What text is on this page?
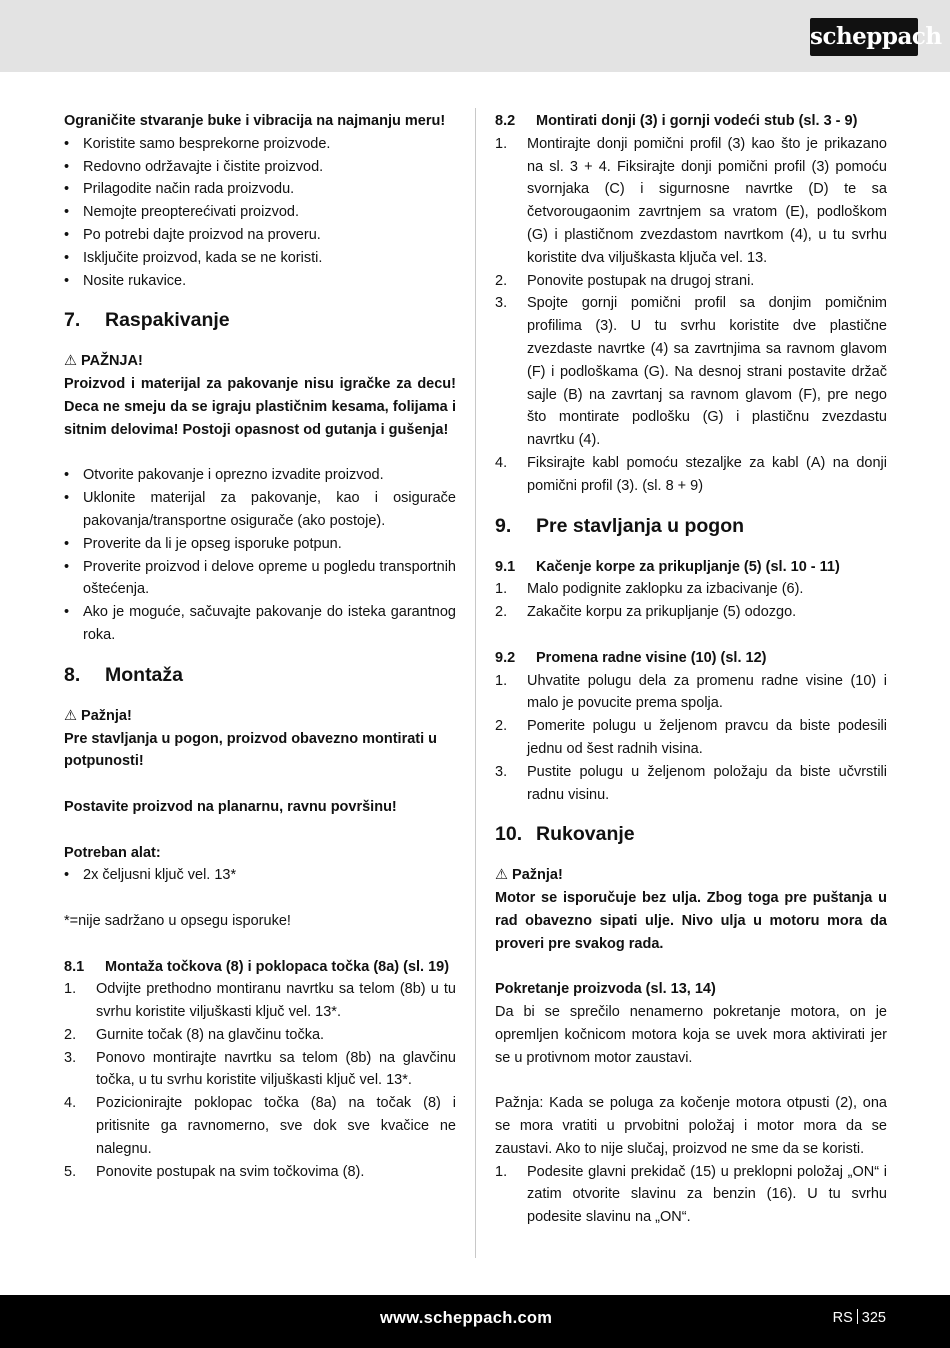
scheppach

Ograničite stvaranje buke i vibracija na najmanju meru!

• Koristite samo besprekorne proizvode.
• Redovno održavajte i čistite proizvod.
• Prilagodite način rada proizvodu.
• Nemojte preopterećivati proizvod.
• Po potrebi dajte proizvod na proveru.
• Isključite proizvod, kada se ne koristi.
• Nosite rukavice.

7. Raspakivanje

⚠ PAŽNJA!

Proizvod i materijal za pakovanje nisu igračke za decu! Deca ne smeju da se igraju plastičnim kesama, folijama i sitnim delovima! Postoji opasnost od gutanja i gušenja!

• Otvorite pakovanje i oprezno izvadite proizvod.
• Uklonite materijal za pakovanje, kao i osigurače pakovanja/transportne osigurače (ako postoje).
• Proverite da li je opseg isporuke potpun.
• Proverite proizvod i delove opreme u pogledu transportnih oštećenja.
• Ako je moguće, sačuvajte pakovanje do isteka garantnog roka.

8. Montaža

⚠ Pažnja!

Pre stavljanja u pogon, proizvod obavezno montirati u potpunosti!

Postavite proizvod na planarnu, ravnu površinu!

Potreban alat:

• 2x čeljusni ključ vel. 13*

*=nije sadržano u opsegu isporuke!

8.1	Montaža točkova (8) i poklopaca točka (8a) (sl. 19)
1. Odvijte prethodno montiranu navrtku sa telom (8b) u tu svrhu koristite viljuškasti ključ vel. 13*.
2. Gurnite točak (8) na glavčinu točka.
3. Ponovo montirajte navrtku sa telom (8b) na glavčinu točka, u tu svrhu koristite viljuškasti ključ vel. 13*.
4. Pozicionirajte poklopac točka (8a) na točak (8) i pritisnite ga ravnomerno, sve dok sve kvačice ne nalegnu.
5. Ponovite postupak na svim točkovima (8).
8.2	Montirati donji (3) i gornji vodeći stub (sl. 3 - 9)
1. Montirajte donji pomični profil (3) kao što je prikazano na sl. 3 + 4. Fiksirajte donji pomični profil (3) pomoću svornjaka (C) i sigurnosne navrtke (D) te sa četvorougaonim zavrtnjem sa vratom (E), podloškom (G) i plastičnom zvezdastom navrtkom (4), u tu svrhu koristite dva viljuškasta ključa vel. 13.
2. Ponovite postupak na drugoj strani.
3. Spojte gornji pomični profil sa donjim pomičnim profilima (3). U tu svrhu koristite dve plastične zvezdaste navrtke (4) sa zavrtnjima sa ravnom glavom (F) i podloškama (G). Na desnoj strani postavite držač sajle (B) na zavrtanj sa ravnom glavom (F), pre nego što montirate podlošku (G) i plastičnu zvezdastu navrtku (4).
4. Fiksirajte kabl pomoću stezaljke za kabl (A) na donji pomični profil (3). (sl. 8 + 9)

9. Pre stavljanja u pogon

9.1	Kačenje korpe za prikupljanje (5) (sl. 10 - 11)
1. Malo podignite zaklopku za izbacivanje (6).
2. Zakačite korpu za prikupljanje (5) odozgo.
9.2	Promena radne visine (10) (sl. 12)
1. Uhvatite polugu dela za promenu radne visine (10) i malo je povucite prema spolja.
2. Pomerite polugu u željenom pravcu da biste podesili jednu od šest radnih visina.
3. Pustite polugu u željenom položaju da biste učvrstili radnu visinu.

10. Rukovanje

⚠ Pažnja!

Motor se isporučuje bez ulja. Zbog toga pre puštanja u rad obavezno sipati ulje. Nivo ulja u motoru mora da proveri pre svakog rada.

Pokretanje proizvoda (sl. 13, 14)

Da bi se sprečilo nenamerno pokretanje motora, on je opremljen kočnicom motora koja se uvek mora aktivirati jer se u protivnom motor zaustavi.

Pažnja: Kada se poluga za kočenje motora otpusti (2), ona se mora vratiti u prvobitni položaj i motor mora da se zaustavi. Ako to nije slučaj, proizvod ne sme da se koristi.

1. Podesite glavni prekidač (15) u preklopni položaj „ON“ i zatim otvorite slavinu za benzin (16). U tu svrhu podesite slavinu na „ON“.
www.scheppach.com	RS 325
